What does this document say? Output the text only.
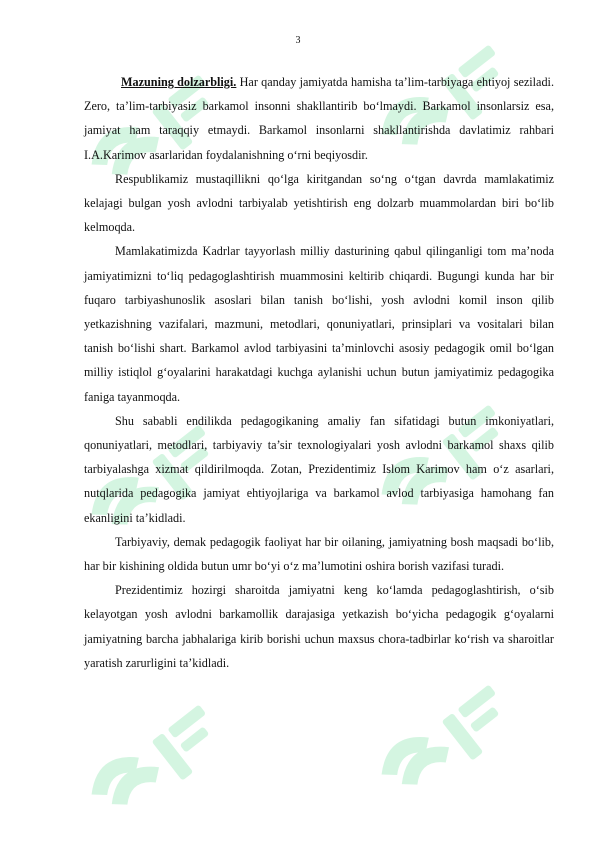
3

Mazuning dolzarbligi. Har qanday jamiyatda hamisha ta’lim-tarbiyaga ehtiyoj seziladi. Zero, ta’lim-tarbiyasiz barkamol insonni shakllantirib bo‘lmaydi. Barkamol insonlarsiz esa, jamiyat ham taraqqiy etmaydi. Barkamol insonlarni shakllantirishda davlatimiz rahbari I.A.Karimov asarlaridan foydalanishning o‘rni beqiyosdir.

Respublikamiz mustaqillikni qo‘lga kiritgandan so‘ng o‘tgan davrda mamlakatimiz kelajagi bulgan yosh avlodni tarbiyalab yetishtirish eng dolzarb muammolardan biri bo‘lib kelmoqda.

Mamlakatimizda Kadrlar tayyorlash milliy dasturining qabul qilinganligi tom ma’noda jamiyatimizni to‘liq pedagoglashtirish muammosini keltirib chiqardi. Bugungi kunda har bir fuqaro tarbiyashunoslik asoslari bilan tanish bo‘lishi, yosh avlodni komil inson qilib yetkazishning vazifalari, mazmuni, metodlari, qonuniyatlari, prinsiplari va vositalari bilan tanish bo‘lishi shart. Barkamol avlod tarbiyasini ta’minlovchi asosiy pedagogik omil bo‘lgan milliy istiqlol g‘oyalarini harakatdagi kuchga aylanishi uchun butun jamiyatimiz pedagogika faniga tayanmoqda.

Shu sababli endilikda pedagogikaning amaliy fan sifatidagi butun imkoniyatlari, qonuniyatlari, metodlari, tarbiyaviy ta’sir texnologiyalari yosh avlodni barkamol shaxs qilib tarbiyalashga xizmat qildirilmoqda. Zotan, Prezidentimiz Islom Karimov ham o‘z asarlari, nutqlarida pedagogika jamiyat ehtiyojlariga va barkamol avlod tarbiyasiga hamohang fan ekanligini ta’kidladi.

Tarbiyaviy, demak pedagogik faoliyat har bir oilaning, jamiyatning bosh maqsadi bo‘lib, har bir kishining oldida butun umr bo‘yi o‘z ma’lumotini oshira borish vazifasi turadi.

Prezidentimiz hozirgi sharoitda jamiyatni keng ko‘lamda pedagoglashtirish, o‘sib kelayotgan yosh avlodni barkamollik darajasiga yetkazish bo‘yicha pedagogik g‘oyalarni jamiyatning barcha jabhalariga kirib borishi uchun maxsus chora-tadbirlar ko‘rish va sharoitlar yaratish zarurligini ta’kidladi.
